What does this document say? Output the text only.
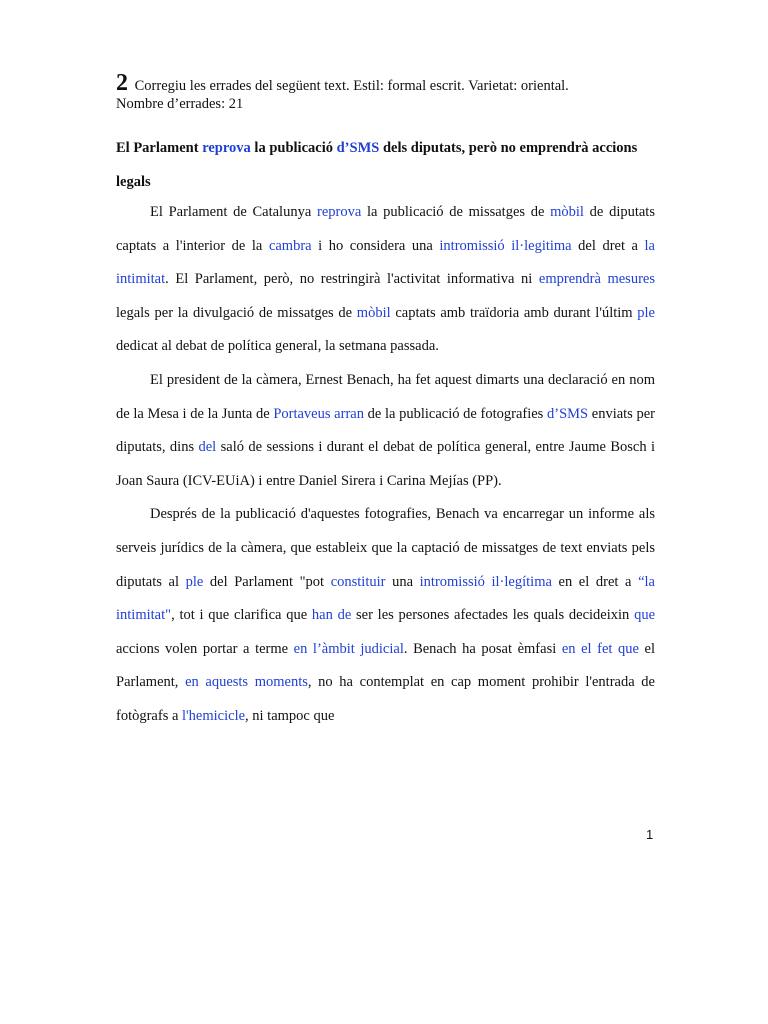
2 Corregiu les errades del següent text. Estil: formal escrit. Varietat: oriental.
Nombre d’errades: 21
El Parlament reprova la publicació d’SMS dels diputats, però no emprendrà accions legals

El Parlament de Catalunya reprova la publicació de missatges de mòbil de diputats captats a l'interior de la cambra i ho considera una intromissió il·legitima del dret a la intimitat. El Parlament, però, no restringirà l'activitat informativa ni emprendrà mesures legals per la divulgació de missatges de mòbil captats amb traïdoria amb durant l'últim ple dedicat al debat de política general, la setmana passada.

El president de la càmera, Ernest Benach, ha fet aquest dimarts una declaració en nom de la Mesa i de la Junta de Portaveus arran de la publicació de fotografies d’SMS enviats per diputats, dins del saló de sessions i durant el debat de política general, entre Jaume Bosch i Joan Saura (ICV-EUiA) i entre Daniel Sirera i Carina Mejías (PP).

Després de la publicació d'aquestes fotografies, Benach va encarregar un informe als serveis jurídics de la càmera, que estableix que la captació de missatges de text enviats pels diputats al ple del Parlament "pot constituir una intromissió il·legítima en el dret a “la intimitat", tot i que clarifica que han de ser les persones afectades les quals decideixin que accions volen portar a terme en l’àmbit judicial. Benach ha posat èmfasi en el fet que el Parlament, en aquests moments, no ha contemplat en cap moment prohibir l'entrada de fotògrafs a l'hemicicle, ni tampoc que

1
